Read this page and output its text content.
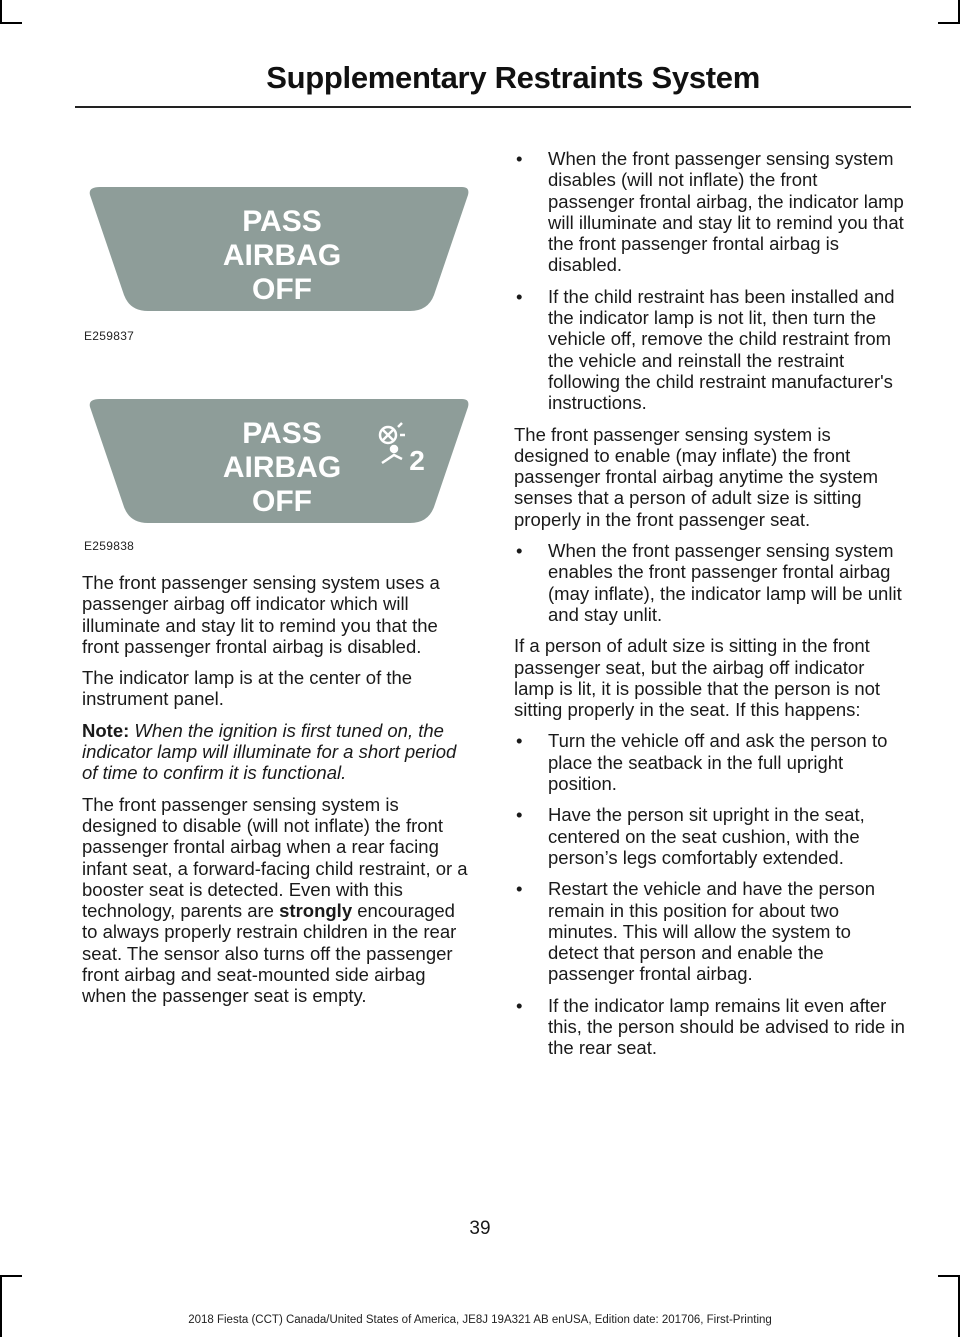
Supplementary Restraints System
PASS
AIRBAG
OFF
E259837
PASS
AIRBAG
OFF
2
E259838

The front passenger sensing system uses a passenger airbag off indicator which will illuminate and stay lit to remind you that the front passenger frontal airbag is disabled.

The indicator lamp is at the center of the instrument panel.

Note: When the ignition is first tuned on, the indicator lamp will illuminate for a short period of time to confirm it is functional.

The front passenger sensing system is designed to disable (will not inflate) the front passenger frontal airbag when a rear facing infant seat, a forward-facing child restraint, or a booster seat is detected. Even with this technology, parents are strongly encouraged to always properly restrain children in the rear seat. The sensor also turns off the passenger front airbag and seat-mounted side airbag when the passenger seat is empty.

• When the front passenger sensing system disables (will not inflate) the front passenger frontal airbag, the indicator lamp will illuminate and stay lit to remind you that the front passenger frontal airbag is disabled.
• If the child restraint has been installed and the indicator lamp is not lit, then turn the vehicle off, remove the child restraint from the vehicle and reinstall the restraint following the child restraint manufacturer's instructions.

The front passenger sensing system is designed to enable (may inflate) the front passenger frontal airbag anytime the system senses that a person of adult size is sitting properly in the front passenger seat.

• When the front passenger sensing system enables the front passenger frontal airbag (may inflate), the indicator lamp will be unlit and stay unlit.

If a person of adult size is sitting in the front passenger seat, but the airbag off indicator lamp is lit, it is possible that the person is not sitting properly in the seat. If this happens:

• Turn the vehicle off and ask the person to place the seatback in the full upright position.
• Have the person sit upright in the seat, centered on the seat cushion, with the person’s legs comfortably extended.
• Restart the vehicle and have the person remain in this position for about two minutes. This will allow the system to detect that person and enable the passenger frontal airbag.
• If the indicator lamp remains lit even after this, the person should be advised to ride in the rear seat.
39
2018 Fiesta (CCT) Canada/United States of America, JE8J 19A321 AB enUSA, Edition date: 201706, First-Printing
